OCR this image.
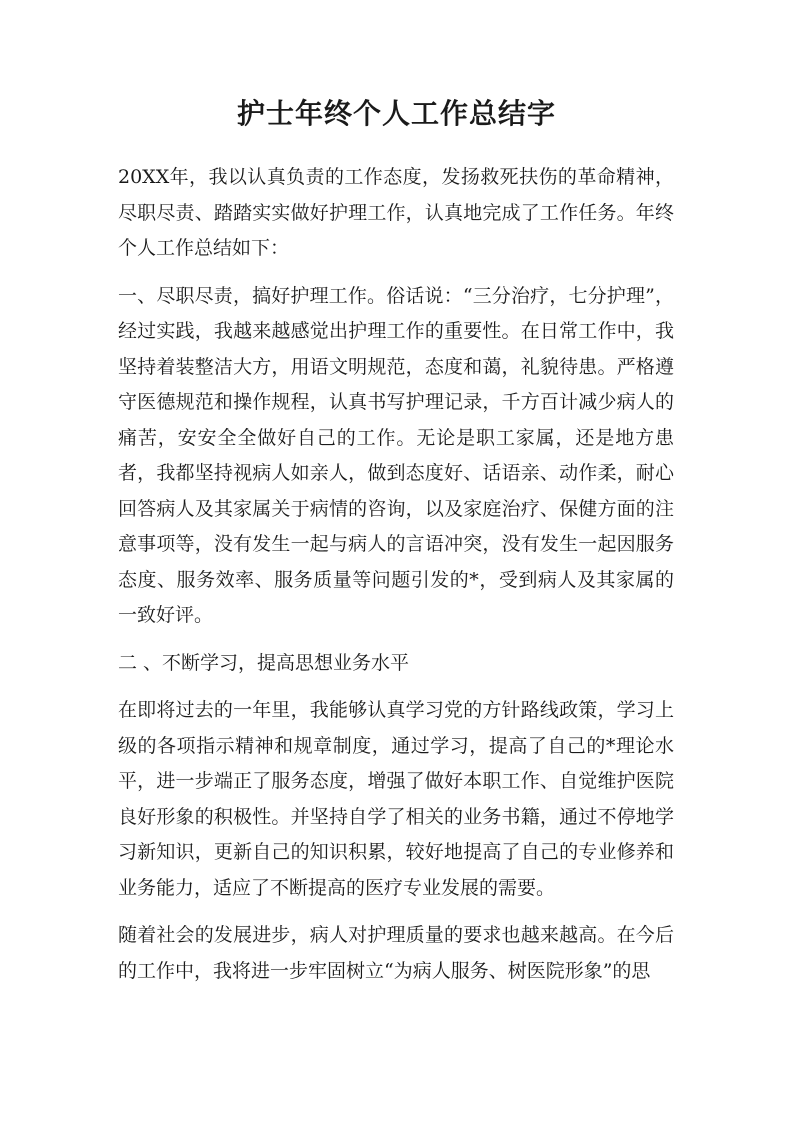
护士年终个人工作总结字

20XX年，我以认真负责的工作态度，发扬救死扶伤的革命精神，尽职尽责、踏踏实实做好护理工作，认真地完成了工作任务。年终个人工作总结如下：

一、尽职尽责，搞好护理工作。俗话说：“三分治疗，七分护理”，经过实践，我越来越感觉出护理工作的重要性。在日常工作中，我坚持着装整洁大方，用语文明规范，态度和蔼，礼貌待患。严格遵守医德规范和操作规程，认真书写护理记录，千方百计减少病人的痛苦，安安全全做好自己的工作。无论是职工家属，还是地方患者，我都坚持视病人如亲人，做到态度好、话语亲、动作柔，耐心回答病人及其家属关于病情的咨询，以及家庭治疗、保健方面的注意事项等，没有发生一起与病人的言语冲突，没有发生一起因服务态度、服务效率、服务质量等问题引发的*，受到病人及其家属的一致好评。

二 、不断学习，提高思想业务水平

在即将过去的一年里，我能够认真学习党的方针路线政策，学习上级的各项指示精神和规章制度，通过学习，提高了自己的*理论水平，进一步端正了服务态度，增强了做好本职工作、自觉维护医院良好形象的积极性。并坚持自学了相关的业务书籍，通过不停地学习新知识，更新自己的知识积累，较好地提高了自己的专业修养和业务能力，适应了不断提高的医疗专业发展的需要。

随着社会的发展进步，病人对护理质量的要求也越来越高。在今后的工作中，我将进一步牢固树立“为病人服务、树医院形象”的思
